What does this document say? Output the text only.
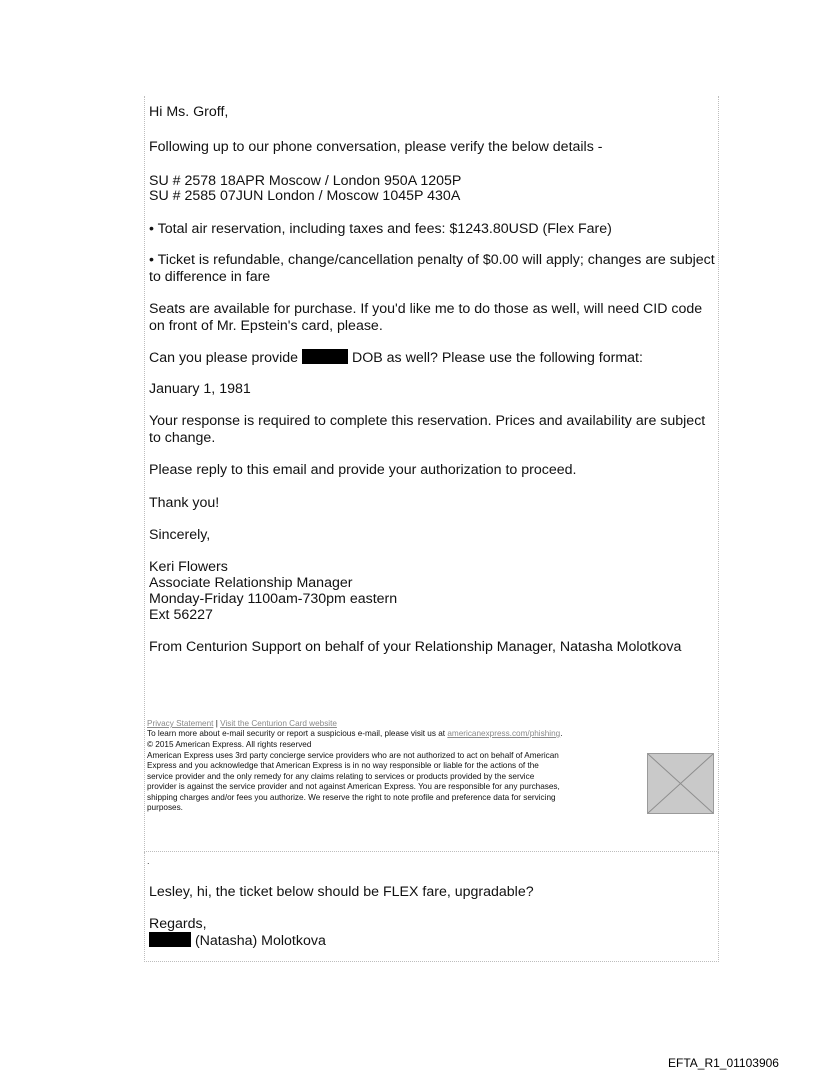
Hi Ms. Groff,
Following up to our phone conversation, please verify the below details -
SU # 2578 18APR Moscow / London 950A 1205P
SU # 2585 07JUN London / Moscow 1045P 430A
• Total air reservation, including taxes and fees: $1243.80USD (Flex Fare)
• Ticket is refundable, change/cancellation penalty of $0.00 will apply; changes are subject to difference in fare
Seats are available for purchase. If you'd like me to do those as well, will need CID code on front of Mr. Epstein's card, please.
Can you please provide	DOB as well? Please use the following format:
January 1, 1981
Your response is required to complete this reservation. Prices and availability are subject to change.
Please reply to this email and provide your authorization to proceed.
Thank you!
Sincerely,
Keri Flowers
Associate Relationship Manager
Monday-Friday 1100am-730pm eastern
Ext 56227
From Centurion Support on behalf of your Relationship Manager, Natasha Molotkova
Privacy Statement | Visit the Centurion Card website
To learn more about e-mail security or report a suspicious e-mail, please visit us at americanexpress.com/phishing.
© 2015 American Express. All rights reserved
American Express uses 3rd party concierge service providers who are not authorized to act on behalf of American
Express and you acknowledge that American Express is in no way responsible or liable for the actions of the
service provider and the only remedy for any claims relating to services or products provided by the service
provider is against the service provider and not against American Express. You are responsible for any purchases,
shipping charges and/or fees you authorize. We reserve the right to note profile and preference data for servicing
purposes.
.
Lesley, hi, the ticket below should be FLEX fare, upgradable?
Regards,
(Natasha) Molotkova
EFTA_R1_01103906
